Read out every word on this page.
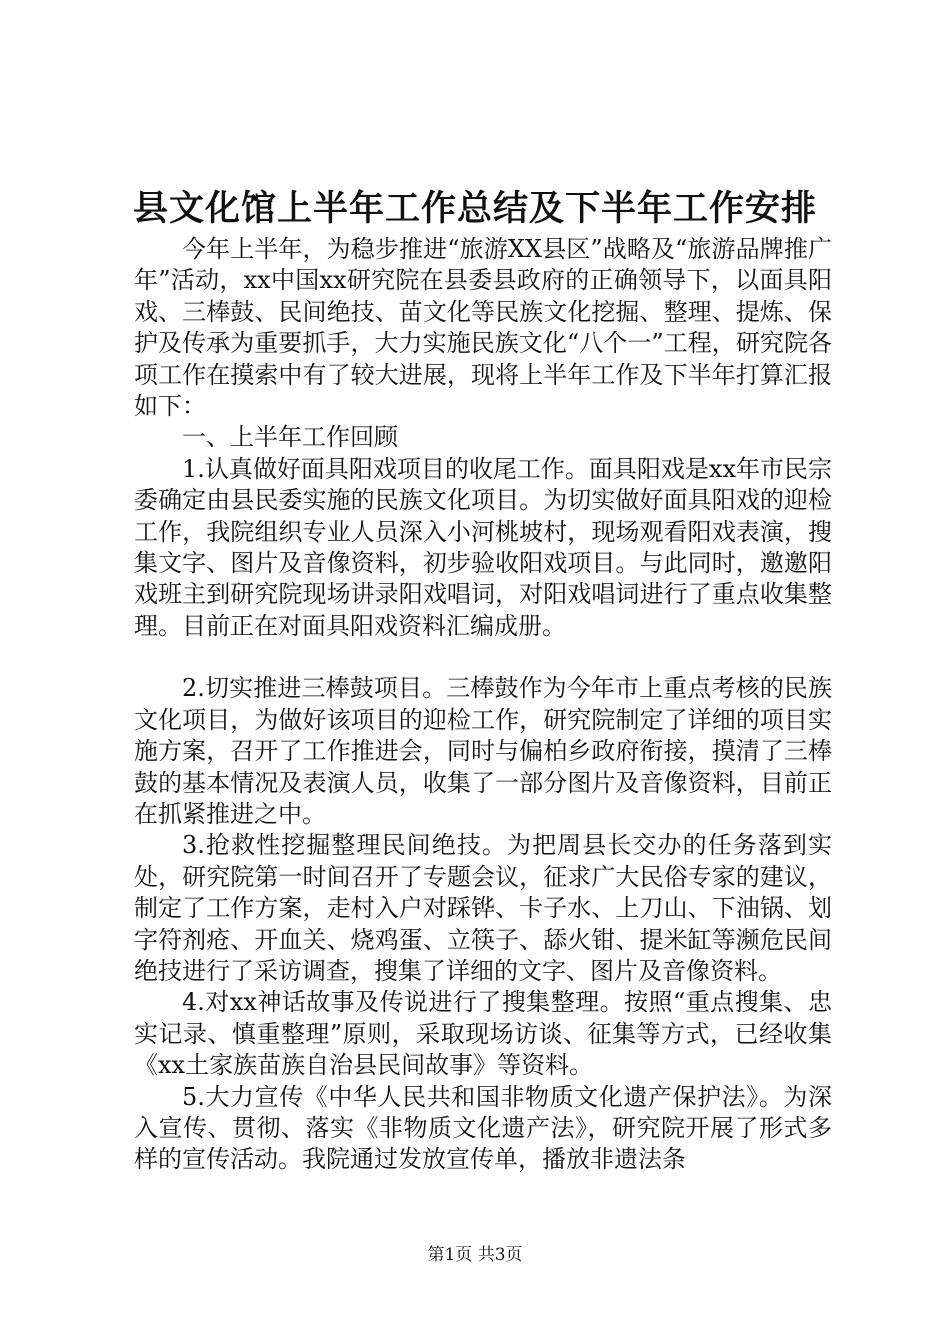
县文化馆上半年工作总结及下半年工作安排

今年上半年，为稳步推进“旅游XX县区”战略及“旅游品牌推广年”活动，xx中国xx研究院在县委县政府的正确领导下，以面具阳戏、三棒鼓、民间绝技、苗文化等民族文化挖掘、整理、提炼、保护及传承为重要抓手，大力实施民族文化“八个一”工程，研究院各项工作在摸索中有了较大进展，现将上半年工作及下半年打算汇报如下：

一、上半年工作回顾

1.认真做好面具阳戏项目的收尾工作。面具阳戏是xx年市民宗委确定由县民委实施的民族文化项目。为切实做好面具阳戏的迎检工作，我院组织专业人员深入小河桃坡村，现场观看阳戏表演，搜集文字、图片及音像资料，初步验收阳戏项目。与此同时，邀邀阳戏班主到研究院现场讲录阳戏唱词，对阳戏唱词进行了重点收集整理。目前正在对面具阳戏资料汇编成册。

2.切实推进三棒鼓项目。三棒鼓作为今年市上重点考核的民族文化项目，为做好该项目的迎检工作，研究院制定了详细的项目实施方案，召开了工作推进会，同时与偏柏乡政府衔接，摸清了三棒鼓的基本情况及表演人员，收集了一部分图片及音像资料，目前正在抓紧推进之中。

3.抢救性挖掘整理民间绝技。为把周县长交办的任务落到实处，研究院第一时间召开了专题会议，征求广大民俗专家的建议，制定了工作方案，走村入户对踩铧、卡子水、上刀山、下油锅、划字符剂疮、开血关、烧鸡蛋、立筷子、舔火钳、提米缸等濒危民间绝技进行了采访调查，搜集了详细的文字、图片及音像资料。

4.对xx神话故事及传说进行了搜集整理。按照“重点搜集、忠实记录、慎重整理”原则，采取现场访谈、征集等方式，已经收集《xx土家族苗族自治县民间故事》等资料。

5.大力宣传《中华人民共和国非物质文化遗产保护法》。为深入宣传、贯彻、落实《非物质文化遗产法》，研究院开展了形式多样的宣传活动。我院通过发放宣传单，播放非遗法条

第1页 共3页
